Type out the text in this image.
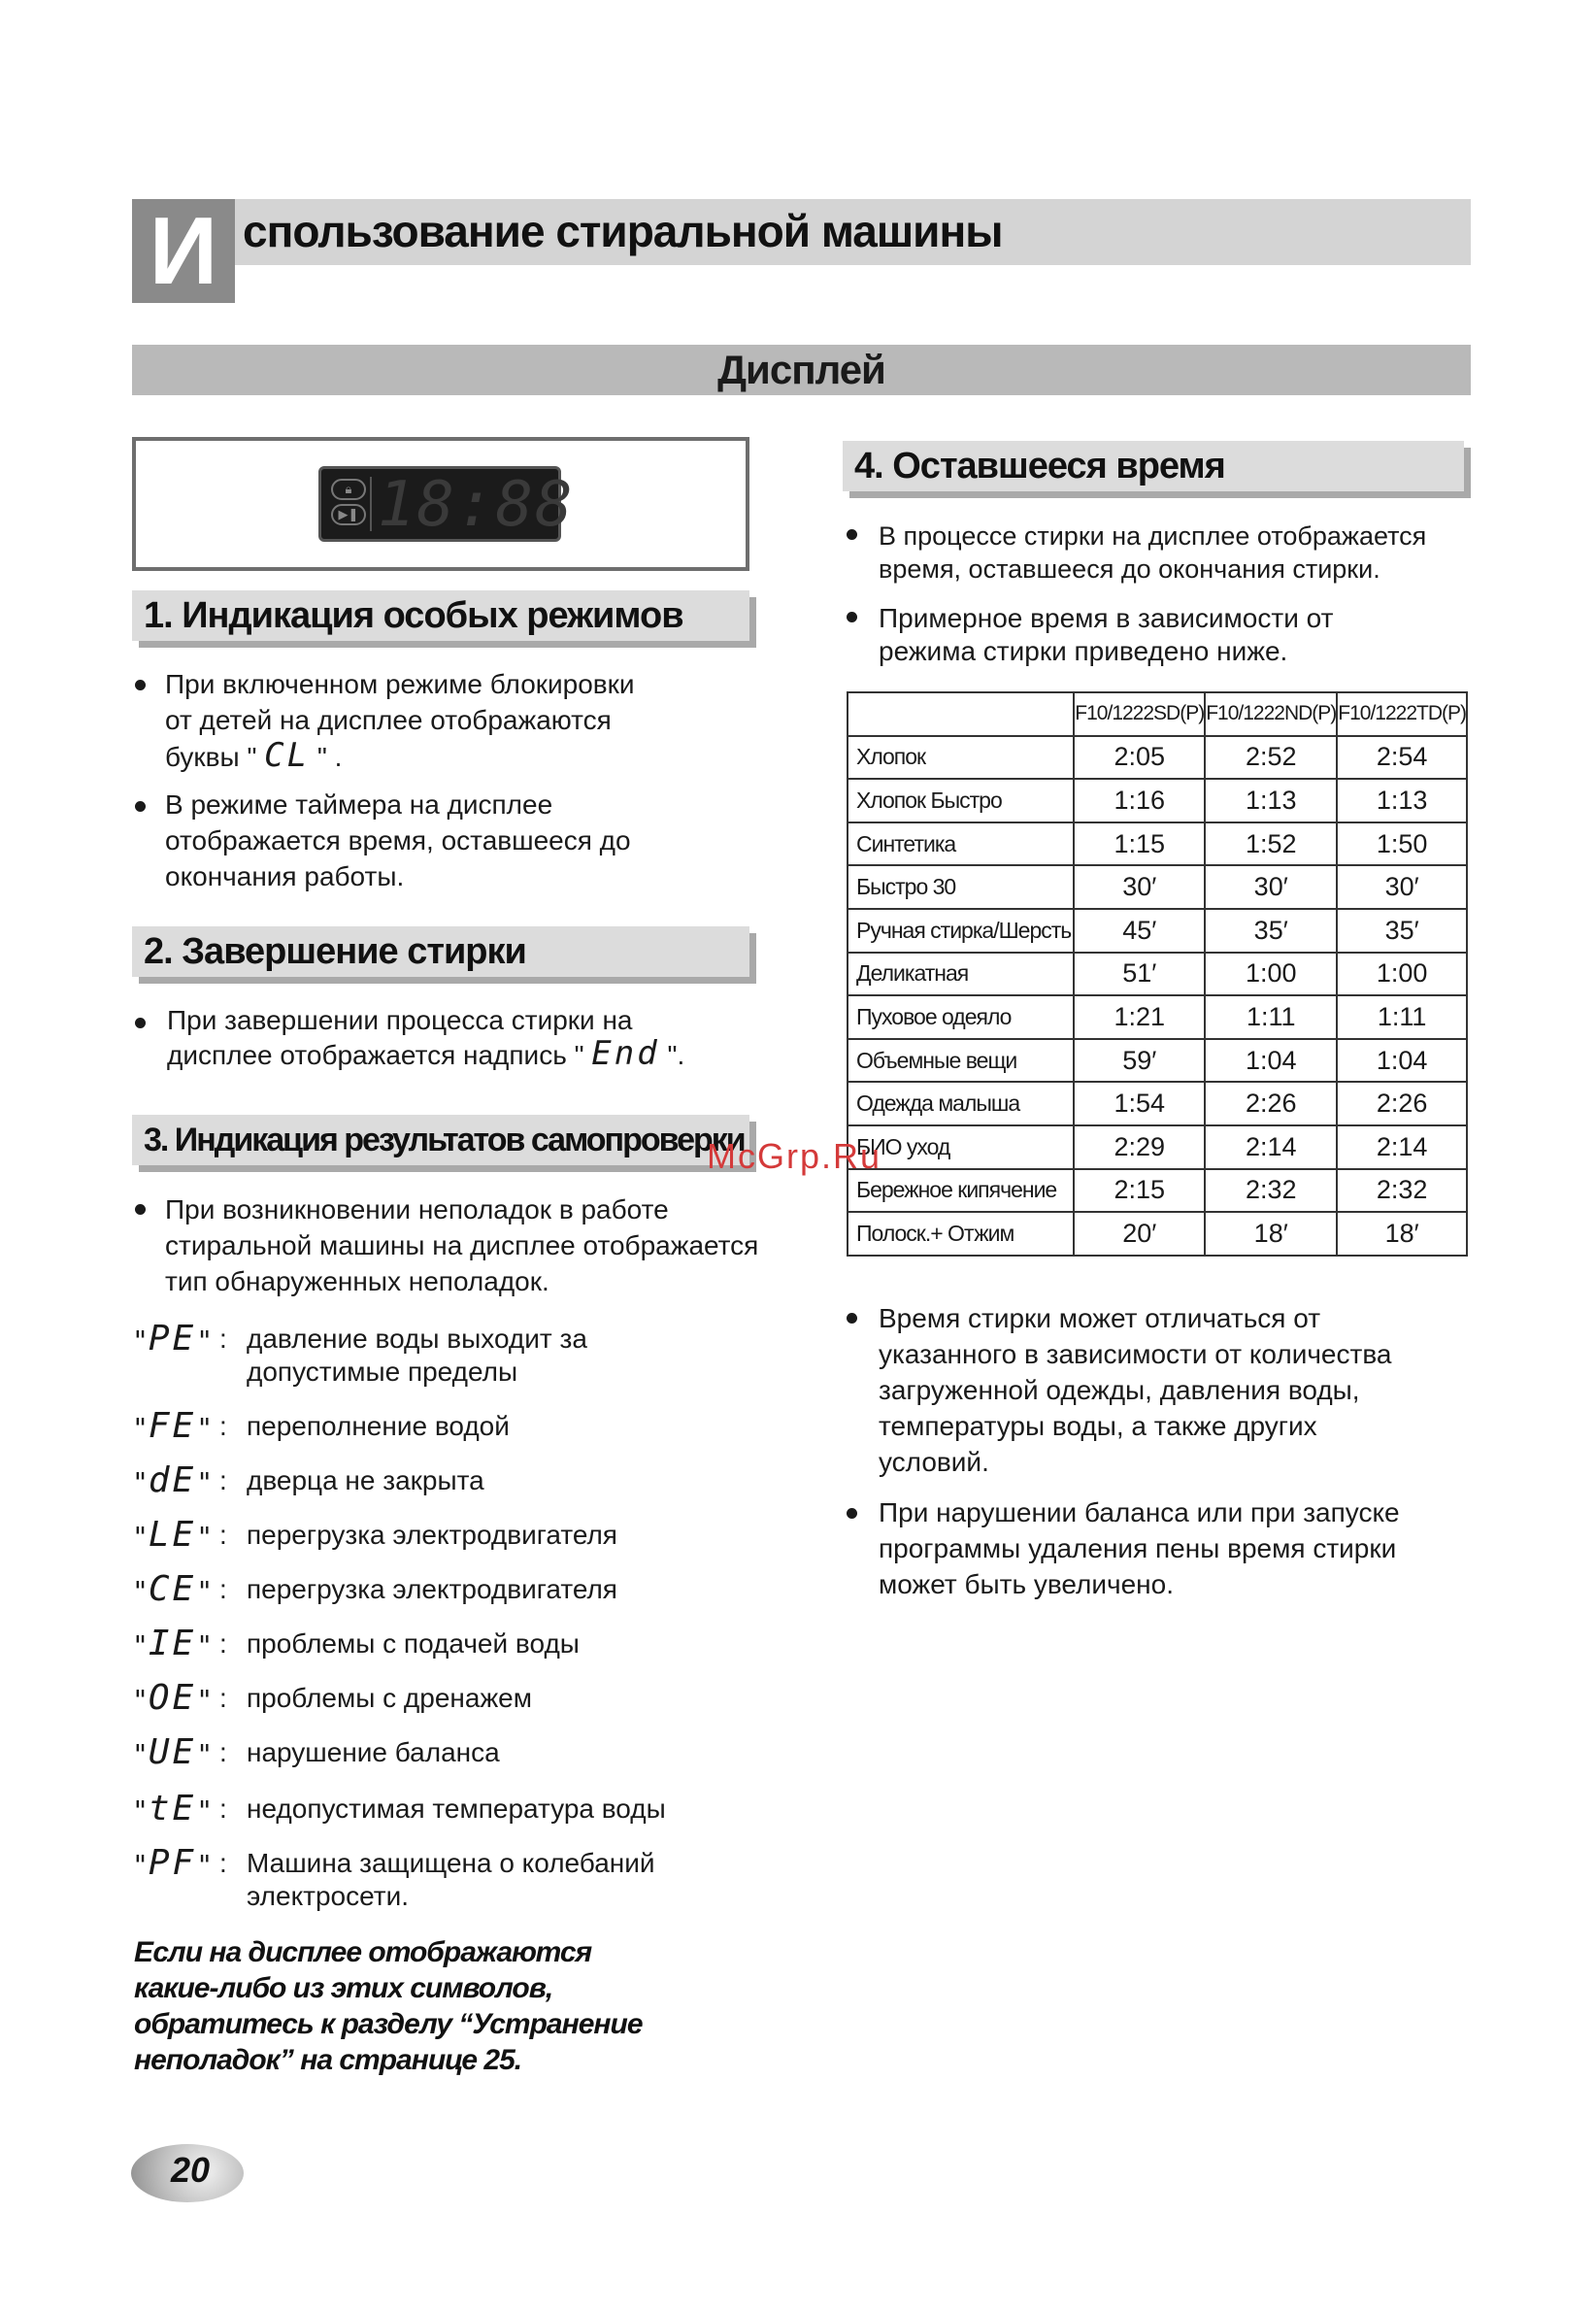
И спользование стиральной машины
Дисплей
🔒︎
▶❚ 18:88
1. Индикация особых режимов
При включенном режиме блокировки
от детей на дисплее отображаются
буквы " CL " .
В режиме таймера на дисплее
отображается время, оставшееся до
окончания работы.
2. Завершение стирки
При завершении процесса стирки на
дисплее отображается надпись " End ".
3. Индикация результатов самопроверки
При возникновении неполадок в работе
стиральной машины на дисплее отображается
тип обнаруженных неполадок.
"PE" : давление воды выходит за
допустимые пределы
"FE" : переполнение водой
"dE" : дверца не закрыта
"LE" : перегрузка электродвигателя
"CE" : перегрузка электродвигателя
"IE" : проблемы с подачей воды
"OE" : проблемы с дренажем
"UE" : нарушение баланса
"tE" : недопустимая температура воды
"PF" : Машина защищена о колебаний
электросети.
Если на дисплее отображаются
какие-либо из этих символов,
обратитесь к разделу “Устранение
неполадок” на странице 25.
4. Оставшееся время
В процессе стирки на дисплее отображается
время, оставшееся до окончания стирки.
Примерное время в зависимости от
режима стирки приведено ниже.
	F10/1222SD(P)	F10/1222ND(P)	F10/1222TD(P)
Хлопок	2:05	2:52	2:54
Хлопок Быстро	1:16	1:13	1:13
Синтетика	1:15	1:52	1:50
Быстро 30	30′	30′	30′
Ручная стирка/Шерсть	45′	35′	35′
Деликатная	51′	1:00	1:00
Пуховое одеяло	1:21	1:11	1:11
Объемные вещи	59′	1:04	1:04
Одежда малыша	1:54	2:26	2:26
БИО уход	2:29	2:14	2:14
Бережное кипячение	2:15	2:32	2:32
Полоск.+ Отжим	20′	18′	18′
McGrp.Ru
Время стирки может отличаться от
указанного в зависимости от количества
загруженной одежды, давления воды,
температуры воды, а также других
условий.
При нарушении баланса или при запуске
программы удаления пены время стирки
может быть увеличено.
20
